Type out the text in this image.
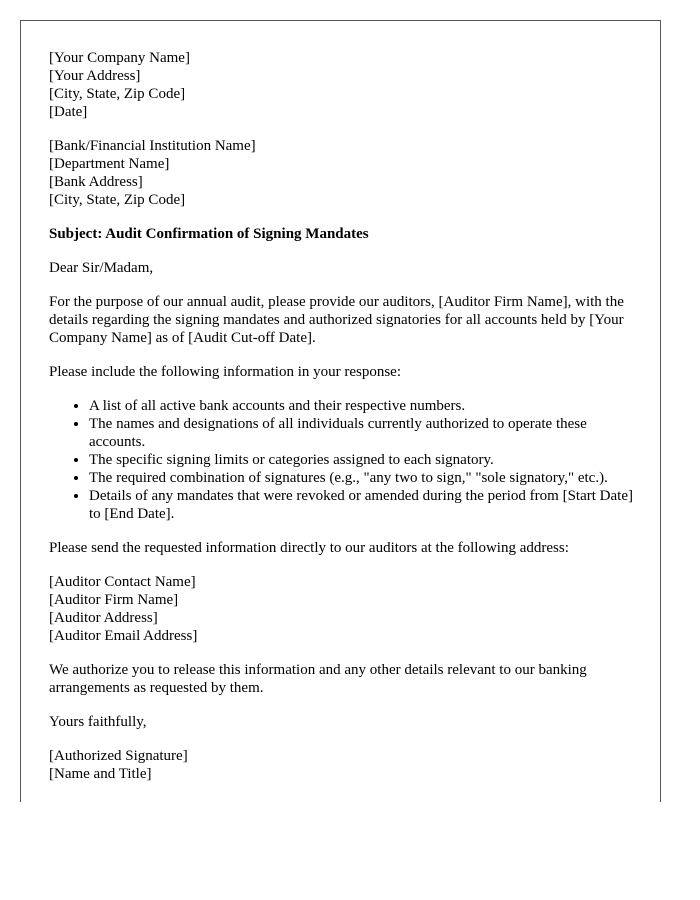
[Your Company Name]
[Your Address]
[City, State, Zip Code]
[Date]
[Bank/Financial Institution Name]
[Department Name]
[Bank Address]
[City, State, Zip Code]
Subject: Audit Confirmation of Signing Mandates
Dear Sir/Madam,
For the purpose of our annual audit, please provide our auditors, [Auditor Firm Name], with the details regarding the signing mandates and authorized signatories for all accounts held by [Your Company Name] as of [Audit Cut-off Date].
Please include the following information in your response:
• A list of all active bank accounts and their respective numbers.
• The names and designations of all individuals currently authorized to operate these accounts.
• The specific signing limits or categories assigned to each signatory.
• The required combination of signatures (e.g., "any two to sign," "sole signatory," etc.).
• Details of any mandates that were revoked or amended during the period from [Start Date] to [End Date].
Please send the requested information directly to our auditors at the following address:
[Auditor Contact Name]
[Auditor Firm Name]
[Auditor Address]
[Auditor Email Address]
We authorize you to release this information and any other details relevant to our banking arrangements as requested by them.
Yours faithfully,
[Authorized Signature]
[Name and Title]
